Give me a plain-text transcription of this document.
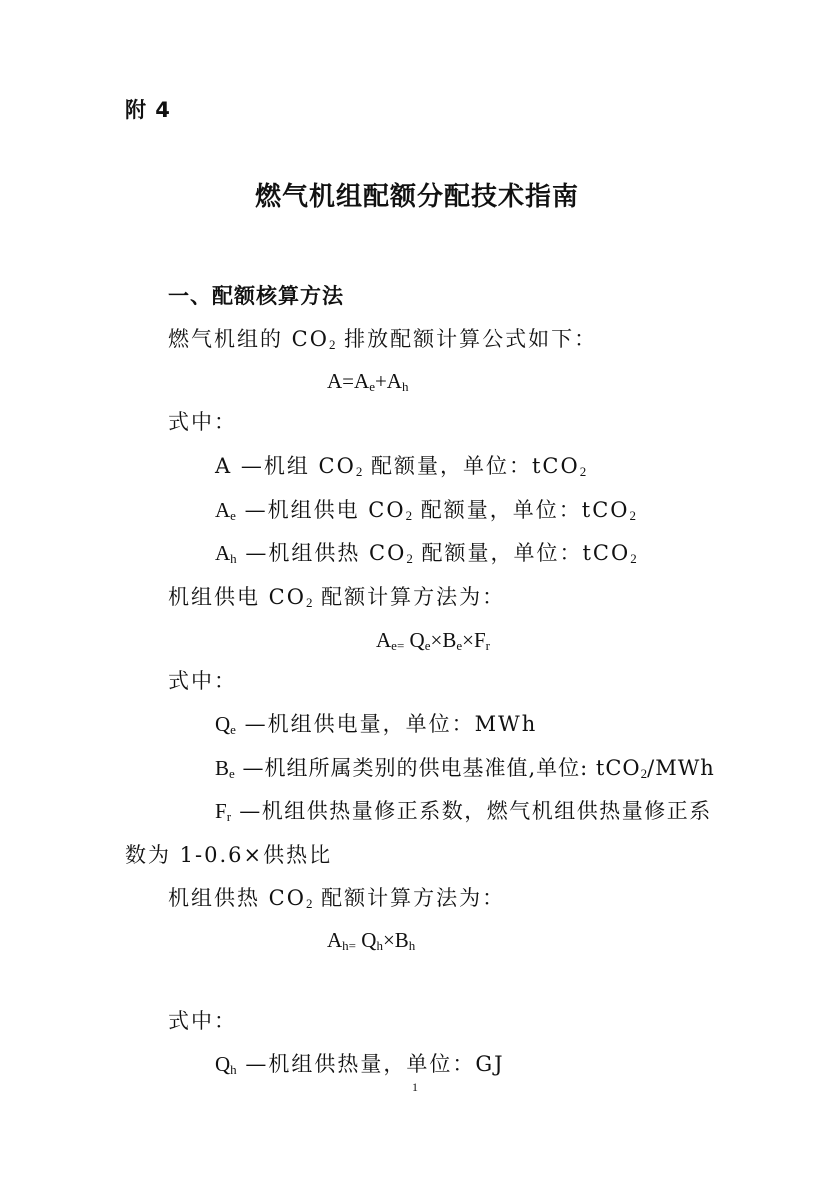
附 4
燃气机组配额分配技术指南
一、配额核算方法
燃气机组的 $CO_2$ 排放配额计算公式如下：
$A=A_e+A_h$
式中：
A —机组 $CO_2$ 配额量，单位：tCO$_2$
$A_e$ —机组供电 $CO_2$ 配额量，单位：tCO$_2$
$A_h$ —机组供热 $CO_2$ 配额量，单位：tCO$_2$
机组供电 $CO_2$ 配额计算方法为：
$A_{e=}$ $Q_e\times B_e\times F_r$
式中：
$Q_e$ —机组供电量，单位：MWh
$B_e$ —机组所属类别的供电基准值,单位: tCO$_2$/MWh
$F_r$ —机组供热量修正系数，燃气机组供热量修正系
数为 1-0.6×供热比
机组供热 $CO_2$ 配额计算方法为：
$A_{h=}$ $Q_h\times B_h$
式中：
$Q_h$ —机组供热量，单位：GJ
1
